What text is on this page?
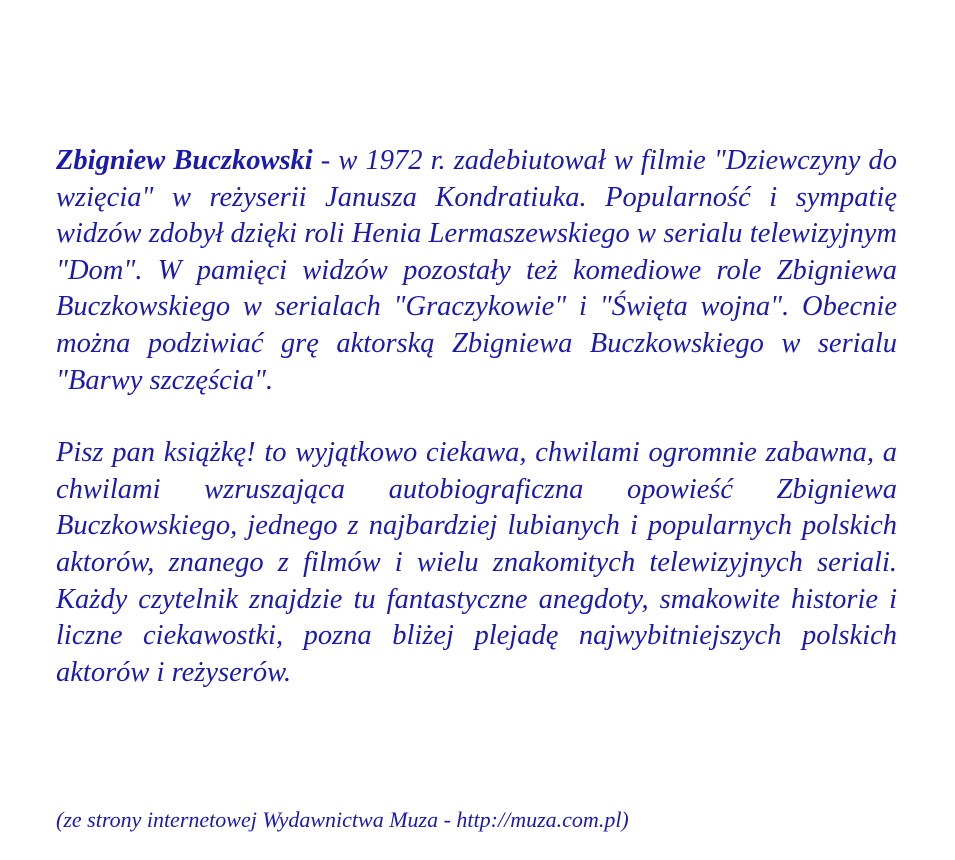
Zbigniew Buczkowski - w 1972 r. zadebiutował w filmie "Dziewczyny do wzięcia" w reżyserii Janusza Kondratiuka. Popularność i sympatię widzów zdobył dzięki roli Henia Lermaszewskiego w serialu telewizyjnym "Dom". W pamięci widzów pozostały też komediowe role Zbigniewa Buczkowskiego w serialach "Graczykowie" i "Święta wojna". Obecnie można podziwiać grę aktorską Zbigniewa Buczkowskiego w serialu "Barwy szczęścia".

Pisz pan książkę! to wyjątkowo ciekawa, chwilami ogromnie zabawna, a chwilami wzruszająca autobiograficzna opowieść Zbigniewa Buczkowskiego, jednego z najbardziej lubianych i popularnych polskich aktorów, znanego z filmów i wielu znakomitych telewizyjnych seriali. Każdy czytelnik znajdzie tu fantastyczne anegdoty, smakowite historie i liczne ciekawostki, pozna bliżej plejadę najwybitniejszych polskich aktorów i reżyserów.

(ze strony internetowej Wydawnictwa Muza - http://muza.com.pl)
